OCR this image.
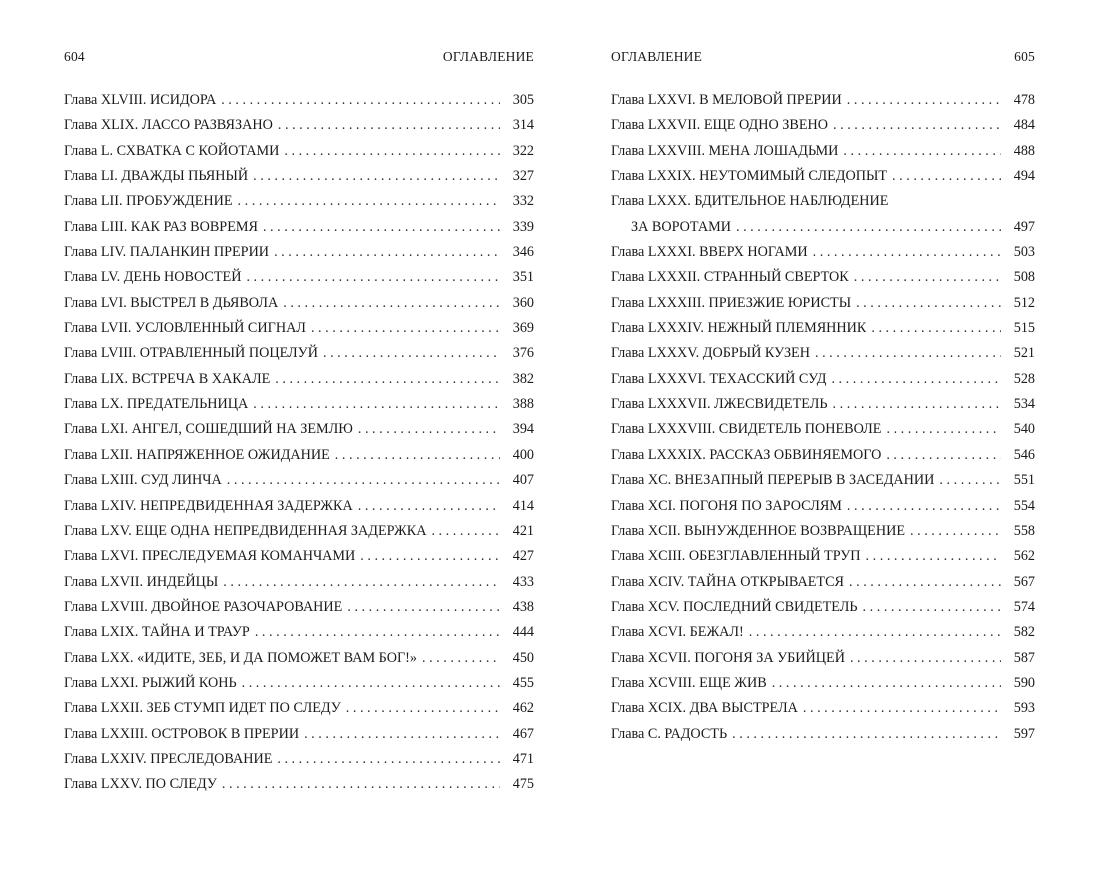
604	ОГЛАВЛЕНИЕ
Глава XLVIII. ИСИДОРА . . .	305
Глава XLIX. ЛАССО РАЗВЯЗАНО . . .	314
Глава L. СХВАТКА С КОЙОТАМИ . . .	322
Глава LI. ДВАЖДЫ ПЬЯНЫЙ . . .	327
Глава LII. ПРОБУЖДЕНИЕ . . .	332
Глава LIII. КАК РАЗ ВОВРЕМЯ . . .	339
Глава LIV. ПАЛАНКИН ПРЕРИИ . . .	346
Глава LV. ДЕНЬ НОВОСТЕЙ . . .	351
Глава LVI. ВЫСТРЕЛ В ДЬЯВОЛА . . .	360
Глава LVII. УСЛОВЛЕННЫЙ СИГНАЛ . . .	369
Глава LVIII. ОТРАВЛЕННЫЙ ПОЦЕЛУЙ . . .	376
Глава LIX. ВСТРЕЧА В ХАКАЛЕ . . .	382
Глава LX. ПРЕДАТЕЛЬНИЦА . . .	388
Глава LXI. АНГЕЛ, СОШЕДШИЙ НА ЗЕМЛЮ . . .	394
Глава LXII. НАПРЯЖЕННОЕ ОЖИДАНИЕ . . .	400
Глава LXIII. СУД ЛИНЧА . . .	407
Глава LXIV. НЕПРЕДВИДЕННАЯ ЗАДЕРЖКА . . .	414
Глава LXV. ЕЩЕ ОДНА НЕПРЕДВИДЕННАЯ ЗАДЕРЖКА . . .	421
Глава LXVI. ПРЕСЛЕДУЕМАЯ КОМАНЧАМИ . . .	427
Глава LXVII. ИНДЕЙЦЫ . . .	433
Глава LXVIII. ДВОЙНОЕ РАЗОЧАРОВАНИЕ . . .	438
Глава LXIX. ТАЙНА И ТРАУР . . .	444
Глава LXX. «ИДИТЕ, ЗЕБ, И ДА ПОМОЖЕТ ВАМ БОГ!» . . .	450
Глава LXXI. РЫЖИЙ КОНЬ . . .	455
Глава LXXII. ЗЕБ СТУМП ИДЕТ ПО СЛЕДУ . . .	462
Глава LXXIII. ОСТРОВОК В ПРЕРИИ . . .	467
Глава LXXIV. ПРЕСЛЕДОВАНИЕ . . .	471
Глава LXXV. ПО СЛЕДУ . . .	475
ОГЛАВЛЕНИЕ	605
Глава LXXVI. В МЕЛОВОЙ ПРЕРИИ . . .	478
Глава LXXVII. ЕЩЕ ОДНО ЗВЕНО . . .	484
Глава LXXVIII. МЕНА ЛОШАДЬМИ . . .	488
Глава LXXIX. НЕУТОМИМЫЙ СЛЕДОПЫТ . . .	494
Глава LXXX. БДИТЕЛЬНОЕ НАБЛЮДЕНИЕ
ЗА ВОРОТАМИ . . .	497
Глава LXXXI. ВВЕРХ НОГАМИ . . .	503
Глава LXXXII. СТРАННЫЙ СВЕРТОК . . .	508
Глава LXXXIII. ПРИЕЗЖИЕ ЮРИСТЫ . . .	512
Глава LXXXIV. НЕЖНЫЙ ПЛЕМЯННИК . . .	515
Глава LXXXV. ДОБРЫЙ КУЗЕН . . .	521
Глава LXXXVI. ТЕХАССКИЙ СУД . . .	528
Глава LXXXVII. ЛЖЕСВИДЕТЕЛЬ . . .	534
Глава LXXXVIII. СВИДЕТЕЛЬ ПОНЕВОЛЕ . . .	540
Глава LXXXIX. РАССКАЗ ОБВИНЯЕМОГО . . .	546
Глава XC. ВНЕЗАПНЫЙ ПЕРЕРЫВ В ЗАСЕДАНИИ . . .	551
Глава XCI. ПОГОНЯ ПО ЗАРОСЛЯМ . . .	554
Глава XCII. ВЫНУЖДЕННОЕ ВОЗВРАЩЕНИЕ . . .	558
Глава XCIII. ОБЕЗГЛАВЛЕННЫЙ ТРУП . . .	562
Глава XCIV. ТАЙНА ОТКРЫВАЕТСЯ . . .	567
Глава XCV. ПОСЛЕДНИЙ СВИДЕТЕЛЬ . . .	574
Глава XCVI. БЕЖАЛ! . . .	582
Глава XCVII. ПОГОНЯ ЗА УБИЙЦЕЙ . . .	587
Глава XCVIII. ЕЩЕ ЖИВ . . .	590
Глава XCIX. ДВА ВЫСТРЕЛА . . .	593
Глава C. РАДОСТЬ . . .	597
